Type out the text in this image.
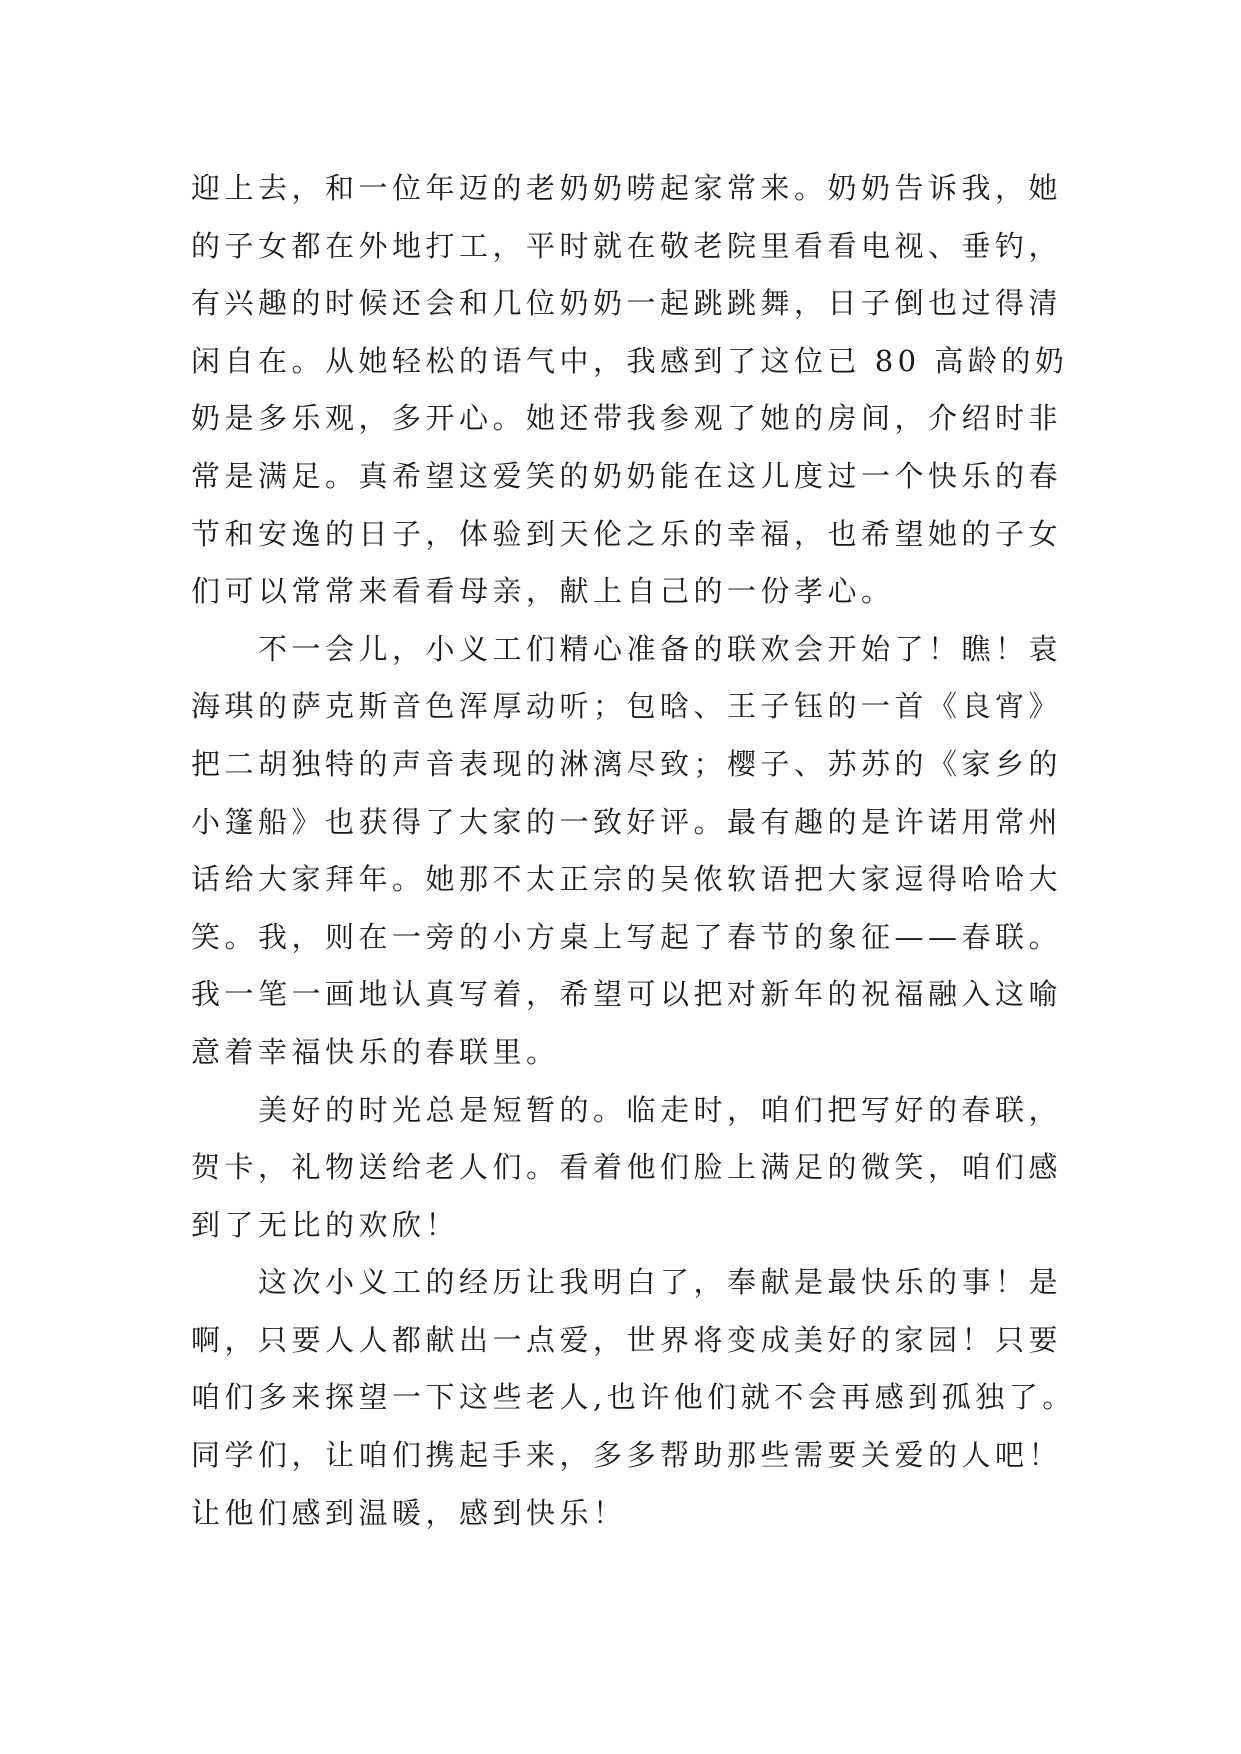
迎上去，和一位年迈的老奶奶唠起家常来。奶奶告诉我，她
的子女都在外地打工，平时就在敬老院里看看电视、垂钓，
有兴趣的时候还会和几位奶奶一起跳跳舞，日子倒也过得清
闲自在。从她轻松的语气中，我感到了这位已 80 高龄的奶
奶是多乐观，多开心。她还带我参观了她的房间，介绍时非
常是满足。真希望这爱笑的奶奶能在这儿度过一个快乐的春
节和安逸的日子，体验到天伦之乐的幸福，也希望她的子女
们可以常常来看看母亲，献上自己的一份孝心。
　　不一会儿，小义工们精心准备的联欢会开始了！瞧！袁
海琪的萨克斯音色浑厚动听；包晗、王子钰的一首《良宵》
把二胡独特的声音表现的淋漓尽致；樱子、苏苏的《家乡的
小篷船》也获得了大家的一致好评。最有趣的是许诺用常州
话给大家拜年。她那不太正宗的吴侬软语把大家逗得哈哈大
笑。我，则在一旁的小方桌上写起了春节的象征——春联。
我一笔一画地认真写着，希望可以把对新年的祝福融入这喻
意着幸福快乐的春联里。
　　美好的时光总是短暂的。临走时，咱们把写好的春联，
贺卡，礼物送给老人们。看着他们脸上满足的微笑，咱们感
到了无比的欢欣！
　　这次小义工的经历让我明白了，奉献是最快乐的事！是
啊，只要人人都献出一点爱，世界将变成美好的家园！只要
咱们多来探望一下这些老人,也许他们就不会再感到孤独了。
同学们，让咱们携起手来，多多帮助那些需要关爱的人吧！
让他们感到温暖，感到快乐！
